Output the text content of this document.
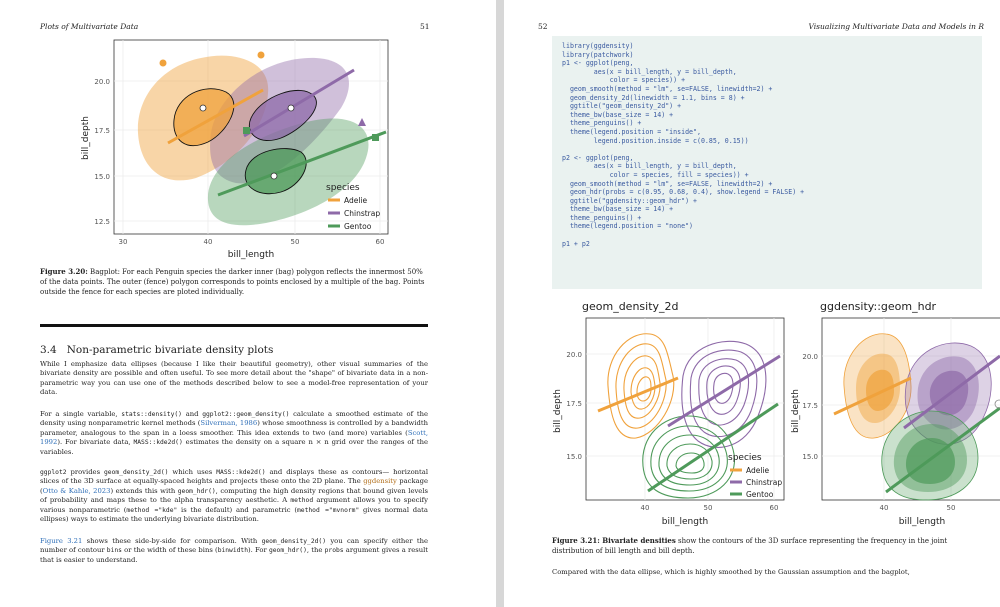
Plots of Multivariate Data	51
20.0
17.5
15.0
12.5
30	40	50	60
bill_length
bill_depth
species
Adelie
Chinstrap
Gentoo
Figure 3.20: Bagplot: For each Penguin species the darker inner (bag) polygon reflects the innermost 50% of the data points. The outer (fence) polygon corresponds to points enclosed by a multiple of the bag. Points outside the fence for each species are ploted individually.
3.4 Non-parametric bivariate density plots
While I emphasize data ellipses (because I like their beautiful geometry), other visual summaries of the bivariate density are possible and often useful. To see more detail about the "shape" of bivariate data in a non-parametric way you can use one of the methods described below to see a model-free representation of your data.
For a single variable, stats::density() and ggplot2::geom_density() calculate a smoothed estimate of the density using nonparametric kernel methods (Silverman, 1986) whose smoothness is controlled by a bandwidth parameter, analogous to the span in a loess smoother. This idea extends to two (and more) variables (Scott, 1992). For bivariate data, MASS::kde2d() estimates the density on a square n × n grid over the ranges of the variables.
ggplot2 provides geom_density_2d() which uses MASS::kde2d() and displays these as contours— horizontal slices of the 3D surface at equally-spaced heights and projects these onto the 2D plane. The ggdensity package (Otto & Kahle, 2023) extends this with geom_hdr(), computing the high density regions that bound given levels of probability and maps these to the alpha transparency aesthetic. A method argument allows you to specify various nonparametric (method ="kde" is the default) and parametric (method ="mvnorm" gives normal data ellipses) ways to estimate the underlying bivariate distribution.
Figure 3.21 shows these side-by-side for comparison. With geom_density_2d() you can specify either the number of contour bins or the width of these bins (binwidth). For geom_hdr(), the probs argument gives a result that is easier to understand.
52	Visualizing Multivariate Data and Models in R
library(ggdensity)
library(patchwork)
p1 <- ggplot(peng,
aes(x = bill_length, y = bill_depth,
color = species)) +
geom_smooth(method = "lm", se=FALSE, linewidth=2) +
geom_density_2d(linewidth = 1.1, bins = 8) +
ggtitle("geom_density_2d") +
theme_bw(base_size = 14) +
theme_penguins() +
theme(legend.position = "inside",
legend.position.inside = c(0.85, 0.15))

p2 <- ggplot(peng,
aes(x = bill_length, y = bill_depth,
color = species, fill = species)) +
geom_smooth(method = "lm", se=FALSE, linewidth=2) +
geom_hdr(probs = c(0.95, 0.68, 0.4), show.legend = FALSE) +
ggtitle("ggdensity::geom_hdr") +
theme_bw(base_size = 14) +
theme_penguins() +
theme(legend.position = "none")

p1 + p2
geom_density_2d	ggdensity::geom_hdr
20.0
17.5
15.0
40	50	60
bill_length
bill_depth
species
Adelie
Chinstrap
Gentoo
20.0
17.5
15.0
40	50
bill_length
bill_depth
Figure 3.21: Bivariate densities show the contours of the 3D surface representing the frequency in the joint distribution of bill length and bill depth.
Compared with the data ellipse, which is highly smoothed by the Gaussian assumption and the bagplot,
